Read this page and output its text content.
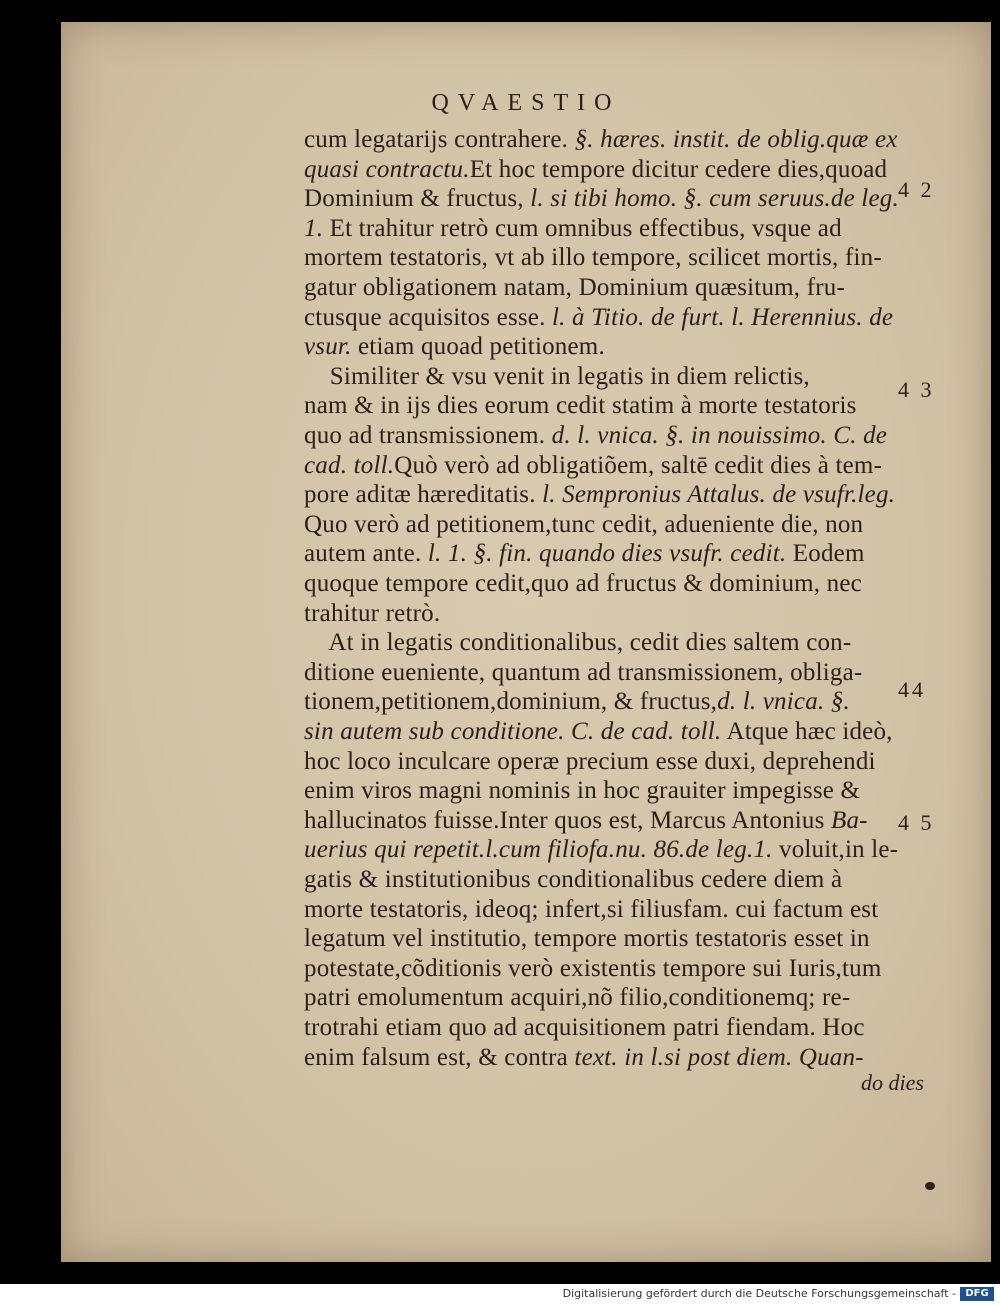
QVAESTIO
cum legatarijs contrahere. §. hæres. instit. de oblig.quæ ex
quasi contractu.Et hoc tempore dicitur cedere dies,quoad
Dominium & fructus, l. si tibi homo. §. cum seruus.de leg.
1. Et trahitur retrò cum omnibus effectibus, vsque ad
mortem testatoris, vt ab illo tempore, scilicet mortis, fin-
gatur obligationem natam, Dominium quæsitum, fru-
ctusque acquisitos esse. l. à Titio. de furt. l. Herennius. de
vsur. etiam quoad petitionem.
Similiter & vsu venit in legatis in diem relictis,
nam & in ijs dies eorum cedit statim à morte testatoris
quo ad transmissionem. d. l. vnica. §. in nouissimo. C. de
cad. toll.Quò verò ad obligatiõem, saltē cedit dies à tem-
pore aditæ hæreditatis. l. Sempronius Attalus. de vsufr.leg.
Quo verò ad petitionem,tunc cedit, adueniente die, non
autem ante. l. 1. §. fin. quando dies vsufr. cedit. Eodem
quoque tempore cedit,quo ad fructus & dominium, nec
trahitur retrò.
At in legatis conditionalibus, cedit dies saltem con-
ditione eueniente, quantum ad transmissionem, obliga-
tionem,petitionem,dominium, & fructus,d. l. vnica. §.
sin autem sub conditione. C. de cad. toll. Atque hæc ideò,
hoc loco inculcare operæ precium esse duxi, deprehendi
enim viros magni nominis in hoc grauiter impegisse &
hallucinatos fuisse.Inter quos est, Marcus Antonius Ba-
uerius qui repetit.l.cum filiofa.nu. 86.de leg.1. voluit,in le-
gatis & institutionibus conditionalibus cedere diem à
morte testatoris, ideoq; infert,si filiusfam. cui factum est
legatum vel institutio, tempore mortis testatoris esset in
potestate,cõditionis verò existentis tempore sui Iuris,tum
patri emolumentum acquiri,nõ filio,conditionemq; re-
trotrahi etiam quo ad acquisitionem patri fiendam. Hoc
enim falsum est, & contra text. in l.si post diem. Quan-
4 2
4 3
44
4 5
do dies
Digitalisierung gefördert durch die Deutsche Forschungsgemeinschaft - DFG
